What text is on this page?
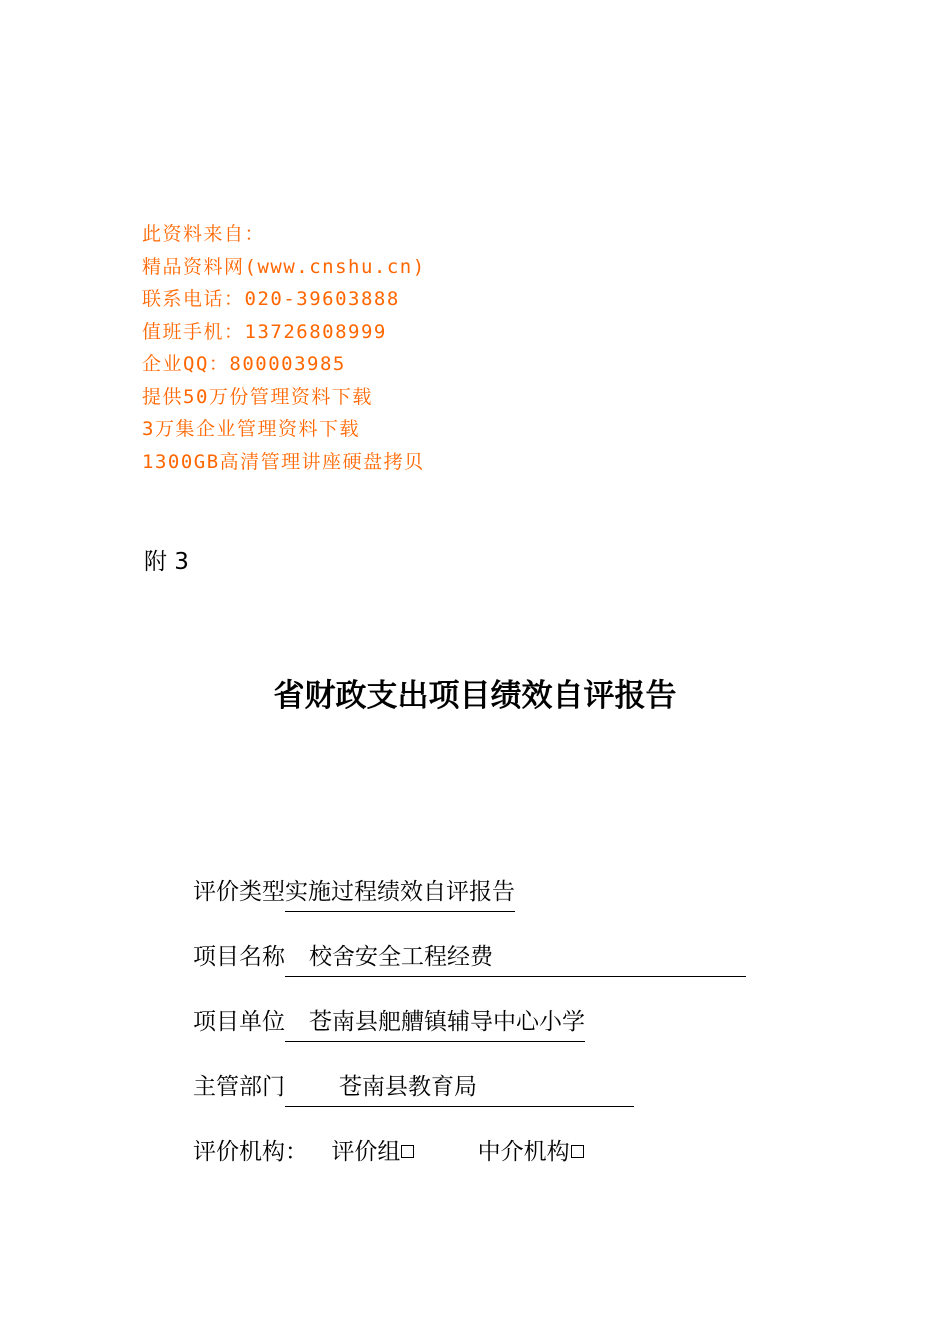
此资料来自：
精品资料网(www.cnshu.cn)
联系电话：020-39603888
值班手机：13726808999
企业QQ：800003985
提供50万份管理资料下载
3万集企业管理资料下载
1300GB高清管理讲座硬盘拷贝
附 3
省财政支出项目绩效自评报告
评价类型实施过程绩效自评报告
项目名称 校舍安全工程经费
项目单位 苍南县舥艚镇辅导中心小学
主管部门 苍南县教育局
评价机构： 评价组	中介机构
